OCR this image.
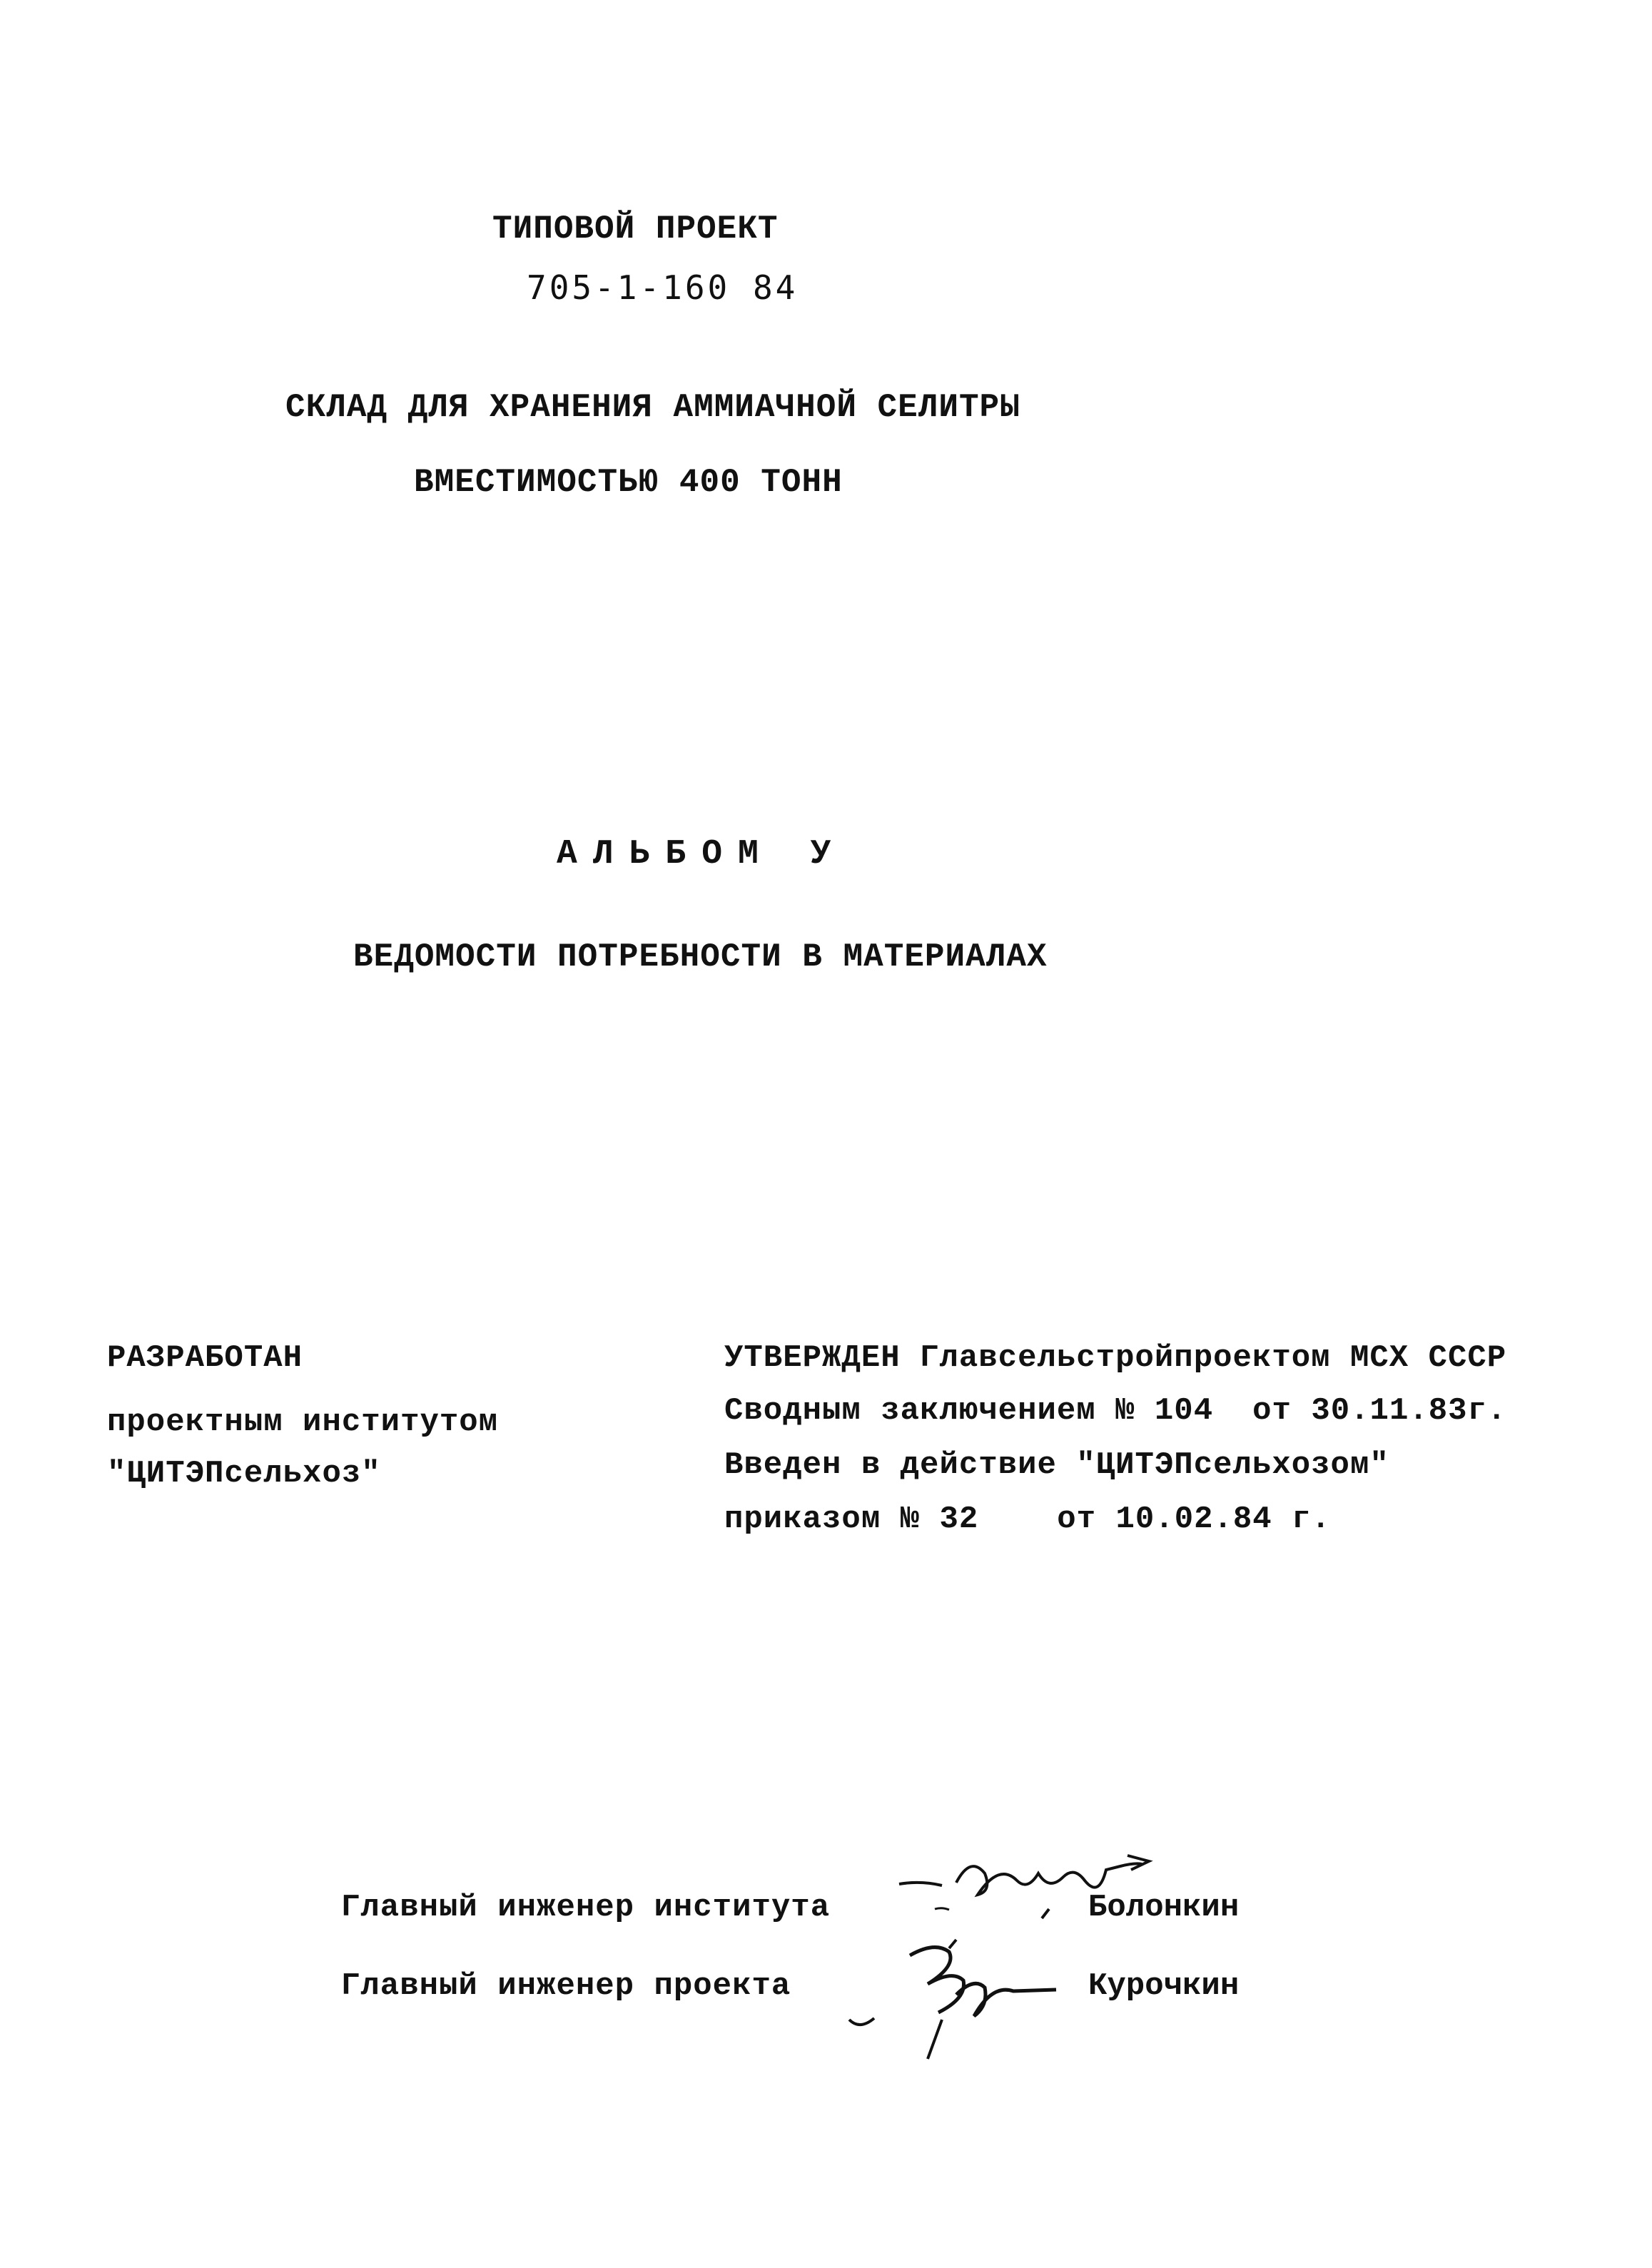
ТИПОВОЙ ПРОЕКТ
705-1-160 84
СКЛАД ДЛЯ ХРАНЕНИЯ АММИАЧНОЙ СЕЛИТРЫ
ВМЕСТИМОСТЬЮ 400 ТОНН
АЛЬБОМ У
ВЕДОМОСТИ ПОТРЕБНОСТИ В МАТЕРИАЛАХ
РАЗРАБОТАН
проектным институтом
"ЦИТЭПсельхоз"
УТВЕРЖДЕН Главсельстройпроектом МСХ СССР
Сводным заключением № 104 от 30.11.83г.
Введен в действие "ЦИТЭПсельхозом"
приказом № 32	от 10.02.84 г.
Главный инженер института	Болонкин
Главный инженер проекта	Курочкин
